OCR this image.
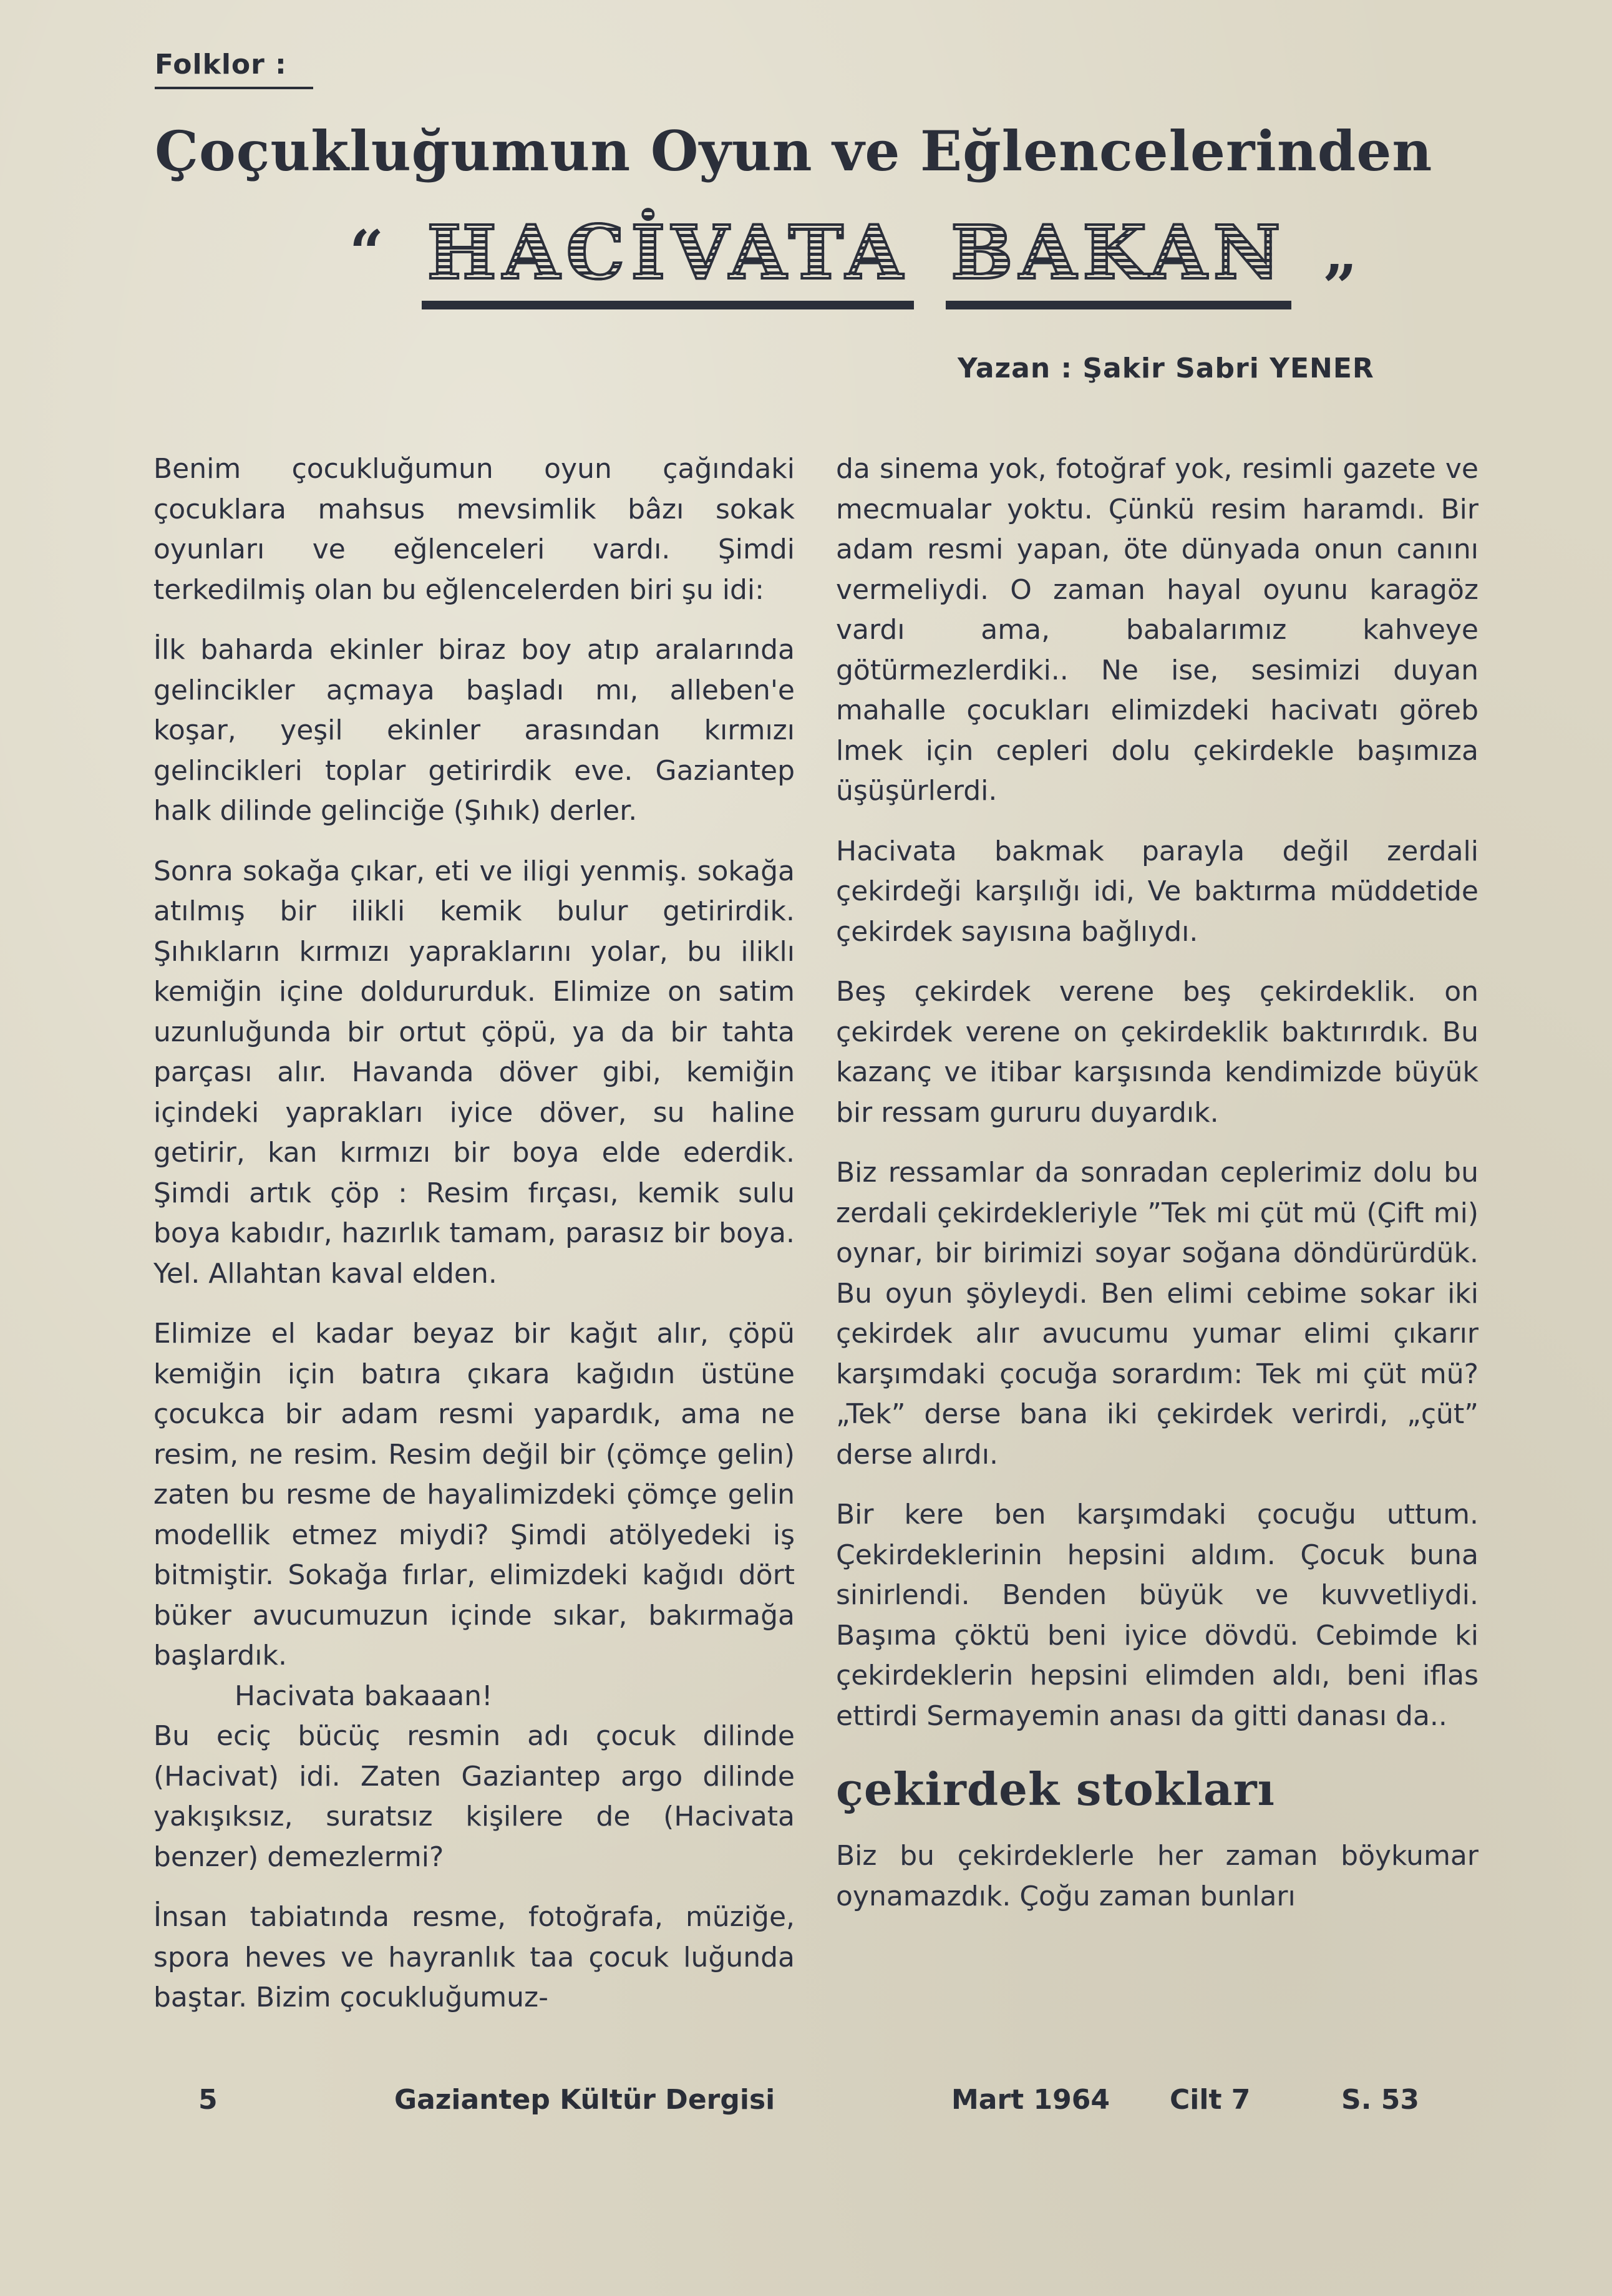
Folklor :
Çoçukluğumun Oyun ve Eğlencelerinden
“ HACİVATA BAKAN „
Yazan : Şakir Sabri YENER

Benim çocukluğumun oyun çağındaki çocuklara mahsus mevsimlik bâzı sokak oyunları ve eğlenceleri vardı. Şimdi terkedilmiş olan bu eğlencelerden biri şu idi:

İlk baharda ekinler biraz boy atıp aralarında gelincikler açmaya başladı mı, alleben'e koşar, yeşil ekinler arasından kırmızı gelincikleri toplar getirirdik eve. Gaziantep halk dilinde gelinciğe (Şıhık) derler.

Sonra sokağa çıkar, eti ve iligi yenmiş. sokağa atılmış bir ilikli kemik bulur getirirdik. Şıhıkların kırmızı yapraklarını yolar, bu iliklı kemiğin içine doldururduk. Elimize on satim uzunluğunda bir ortut çöpü, ya da bir tahta parçası alır. Havanda döver gibi, kemiğin içindeki yaprakları iyice döver, su haline getirir, kan kırmızı bir boya elde ederdik. Şimdi artık çöp : Resim fırçası, kemik sulu boya kabıdır, hazırlık tamam, parasız bir boya. Yel. Allahtan kaval elden.

Elimize el kadar beyaz bir kağıt alır, çöpü kemiğin için batıra çıkara kağıdın üstüne çocukca bir adam resmi yapardık, ama ne resim, ne resim. Resim değil bir (çömçe gelin) zaten bu resme de hayalimizdeki çömçe gelin modellik etmez miydi? Şimdi atölyedeki iş bitmiştir. Sokağa fırlar, elimizdeki kağıdı dört büker avucumuzun içinde sıkar, bakırmağa başlardık.

Hacivata bakaaan!

Bu eciç bücüç resmin adı çocuk dilinde (Hacivat) idi. Zaten Gaziantep argo dilinde yakışıksız, suratsız kişilere de (Hacivata benzer) demezlermi?

İnsan tabiatında resme, fotoğrafa, müziğe, spora heves ve hayranlık taa çocuk luğunda baştar. Bizim çocukluğumuz-

da sinema yok, fotoğraf yok, resimli gazete ve mecmualar yoktu. Çünkü resim haramdı. Bir adam resmi yapan, öte dünyada onun canını vermeliydi. O zaman hayal oyunu karagöz vardı ama, babalarımız kahveye götürmezlerdiki.. Ne ise, sesimizi duyan mahalle çocukları elimizdeki hacivatı göreb lmek için cepleri dolu çekirdekle başımıza üşüşürlerdi.

Hacivata bakmak parayla değil zerdali çekirdeği karşılığı idi, Ve baktırma müddetide çekirdek sayısına bağlıydı.

Beş çekirdek verene beş çekirdeklik. on çekirdek verene on çekirdeklik baktırırdık. Bu kazanç ve itibar karşısında kendimizde büyük bir ressam gururu duyardık.

Biz ressamlar da sonradan ceplerimiz dolu bu zerdali çekirdekleriyle ”Tek mi çüt mü (Çift mi) oynar, bir birimizi soyar soğana döndürürdük. Bu oyun şöyleydi. Ben elimi cebime sokar iki çekirdek alır avucumu yumar elimi çıkarır karşımdaki çocuğa sorardım: Tek mi çüt mü? „Tek” derse bana iki çekirdek verirdi, „çüt” derse alırdı.

Bir kere ben karşımdaki çocuğu uttum. Çekirdeklerinin hepsini aldım. Çocuk buna sinirlendi. Benden büyük ve kuvvetliydi. Başıma çöktü beni iyice dövdü. Cebimde ki çekirdeklerin hepsini elimden aldı, beni iflas ettirdi Sermayemin anası da gitti danası da..

çekirdek stokları

Biz bu çekirdeklerle her zaman böykumar oynamazdık. Çoğu zaman bunları

5	Gaziantep Kültür Dergisi	Mart 1964 Cilt 7	S. 53
